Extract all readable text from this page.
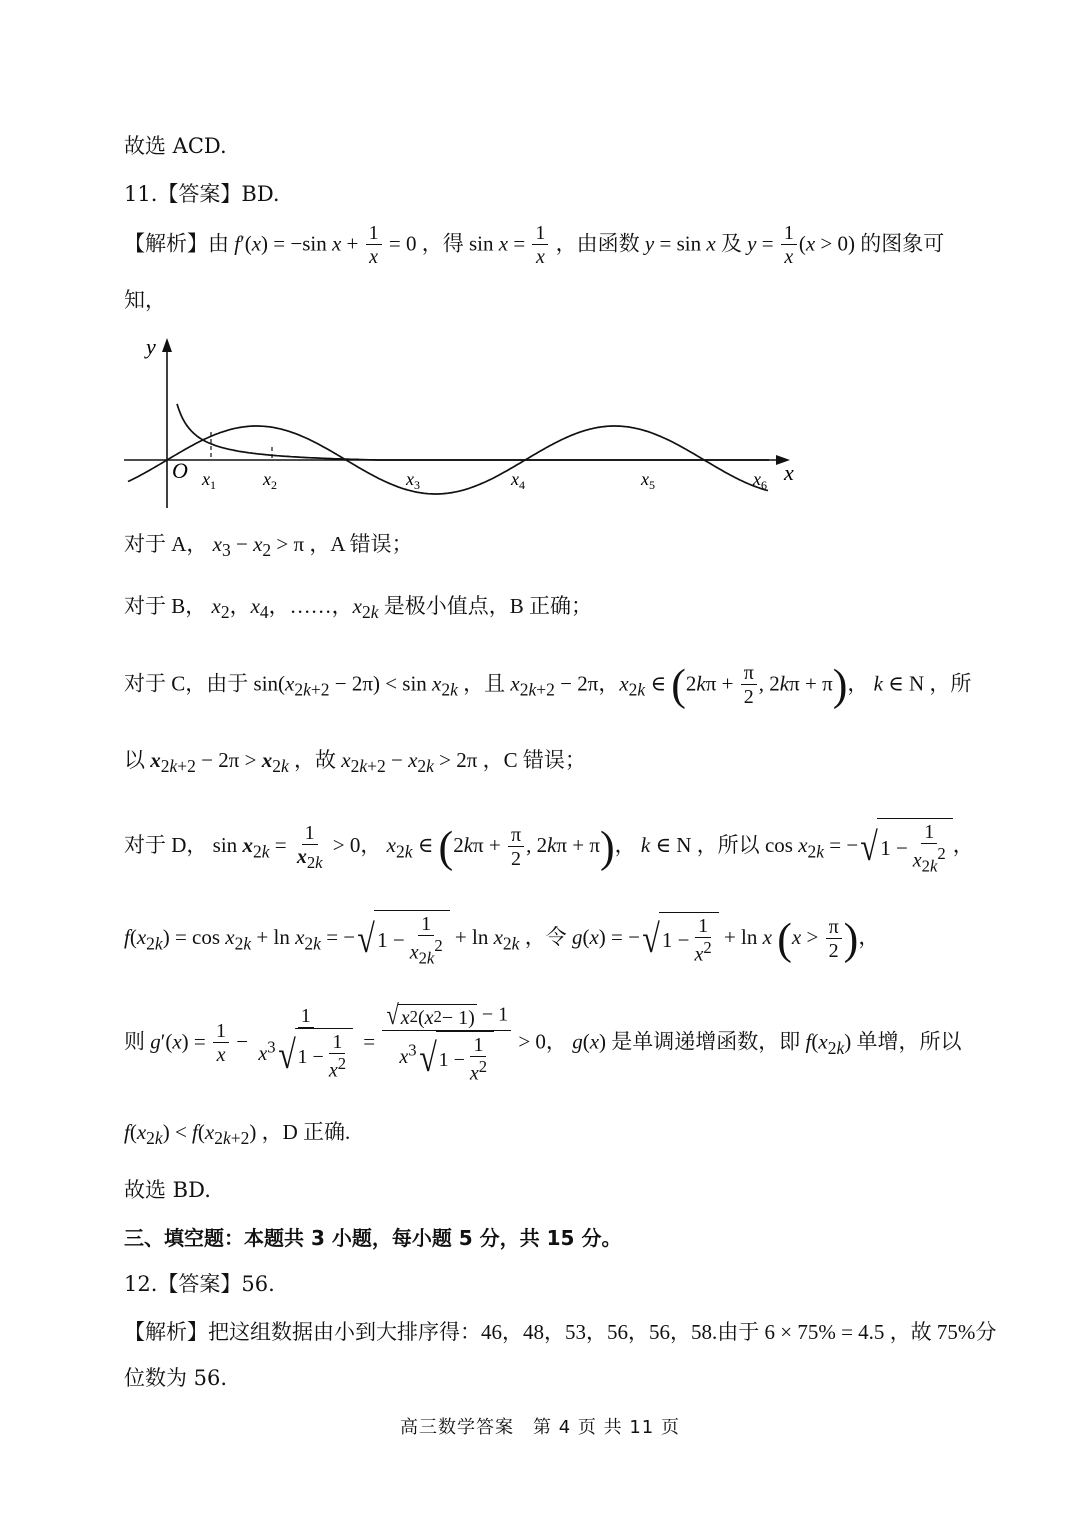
故选 ACD.
11.【答案】BD.
【解析】由 f′(x) = −sin $x + \frac{1}{x} = 0$ ，得 $\sin x = \frac{1}{x}$ ，由函数 y = sin x 及 $y = \frac{1}{x} (x > 0)$ 的图象可
知，
y
x
O $x_1$	$x_2$	$x_3$	$x_4$	$x_5$	$x_6$
对于 A， $x_3 - x_2 > \pi$ ，A 错误；
对于 B， $x_2$，$x_4$，……，$x_{2k}$ 是极小值点，B 正确；
对于 C，由于 $\sin(x_{2k+2} - 2\pi) < \sin x_{2k}$ ，且 $x_{2k+2} - 2\pi$，$x_{2k}$ ∈ ($2k\pi + \frac{\pi}{2}$ , 2kπ + π)， k ∈ N ，所
以 $x_{2k+2} - 2\pi > x_{2k}$ ，故 $x_{2k+2} - x_{2k} > 2\pi$ ，C 错误；
对于 D， $\sin x_{2k} = \frac{1}{x_{2k}} > 0$， $x_{2k}$ ∈ ($2k\pi + \frac{\pi}{2}$ , 2kπ + π)， k ∈ N ，所以 $\cos x_{2k}$ = − √ $1 - \frac{1}{x_{2k}^2}$ ，
$f(x_{2k}) = \cos x_{2k} + \ln x_{2k}$ = − √ $1 - \frac{1}{x_{2k}^2} + \ln x_{2k}$ ，令 g(x) = − √ $1 - \frac{1}{x^2} + \ln x$ ($x > \frac{\pi}{2}$ )，
则 $g'(x) = \frac{1}{x} - \frac{1}{x^3 √ 1 - \frac{1}{x^2}} = \frac{√ x 2 ( x 2 - 1) - 1}{x^3 √ 1 - \frac{1}{x^2}} > 0$， g(x) 是单调递增函数，即 $f(x_{2k})$ 单增，所以
$f(x_{2k}) < f(x_{2k+2})$ ，D 正确.
故选 BD.
三、填空题：本题共 3 小题，每小题 5 分，共 15 分。
12.【答案】56.
【解析】把这组数据由小到大排序得：46，48，53，56，56，58.由于 6 × 75% = 4.5 ，故 75%分
位数为 56.
高三数学答案　第 4 页 共 11 页
